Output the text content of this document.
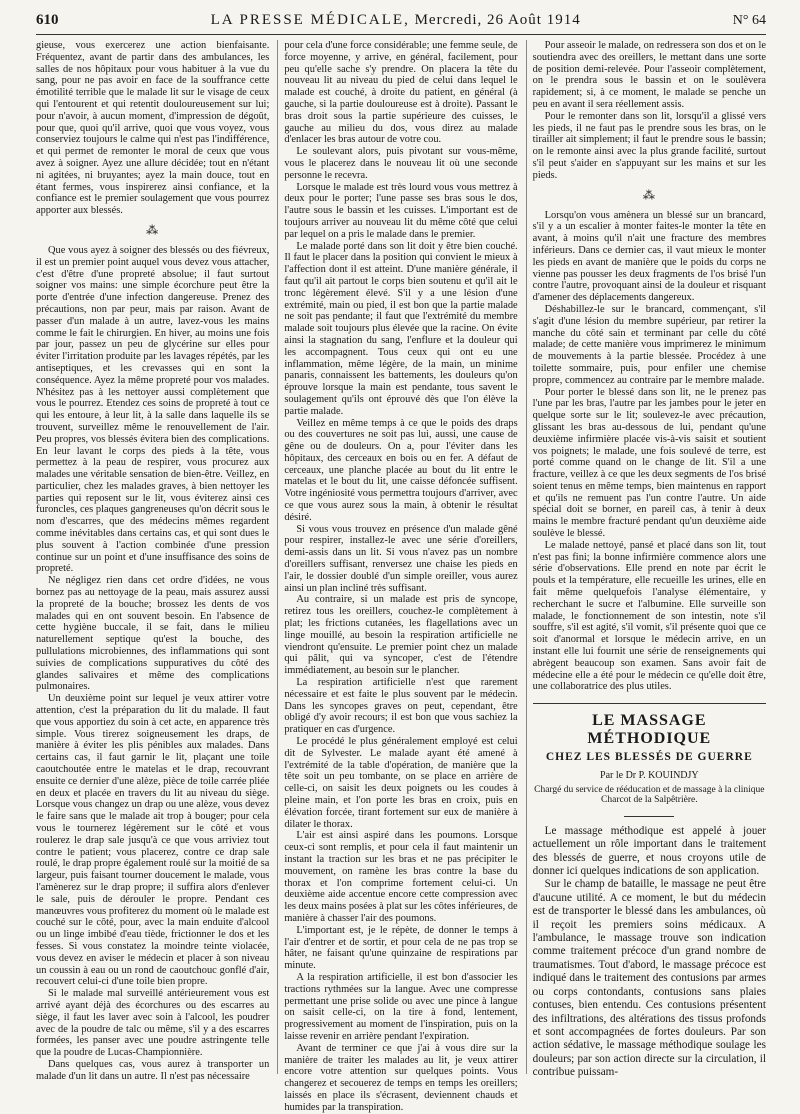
610	LA PRESSE MÉDICALE, Mercredi, 26 Août 1914	N° 64

gieuse, vous exercerez une action bienfaisante. Fréquentez, avant de partir dans des ambulances, les salles de nos hôpitaux pour vous habituer à la vue du sang, pour ne pas avoir en face de la souffrance cette émotilité terrible que le malade lit sur le visage de ceux qui l'entourent et qui retentit douloureusement sur lui; pour n'avoir, à aucun moment, d'impression de dégoût, pour que, quoi qu'il arrive, quoi que vous voyez, vous conserviez toujours le calme qui n'est pas l'indifférence, et qui permet de remonter le moral de ceux que vous avez à soigner. Ayez une allure décidée; tout en n'étant ni agitées, ni bruyantes; ayez la main douce, tout en étant fermes, vous inspirerez ainsi confiance, et la confiance est le premier soulagement que vous pourrez apporter aux blessés.

⁂

Que vous ayez à soigner des blessés ou des fiévreux, il est un premier point auquel vous devez vous attacher, c'est d'être d'une propreté absolue; il faut surtout soigner vos mains: une simple écorchure peut être la porte d'entrée d'une infection dangereuse. Prenez des précautions, non par peur, mais par raison. Avant de passer d'un malade à un autre, lavez-vous les mains comme le fait le chirurgien. En hiver, au moins une fois par jour, passez un peu de glycérine sur elles pour éviter l'irritation produite par les lavages répétés, par les antiseptiques, et les crevasses qui en sont la conséquence. Ayez la même propreté pour vos malades. N'hésitez pas à les nettoyer aussi complètement que vous le pourrez. Etendez ces soins de propreté à tout ce qui les entoure, à leur lit, à la salle dans laquelle ils se trouvent, surveillez même le renouvellement de l'air. Peu propres, vos blessés évitera bien des complications. En leur lavant le corps des pieds à la tête, vous permettez à la peau de respirer, vous procurez aux malades une véritable sensation de bien-être. Veillez, en particulier, chez les malades graves, à bien nettoyer les parties qui reposent sur le lit, vous éviterez ainsi ces furoncles, ces plaques gangreneuses qu'on décrit sous le nom d'escarres, que des médecins mêmes regardent comme inévitables dans certains cas, et qui sont dues le plus souvent à l'action combinée d'une pression continue sur un point et d'une insuffisance des soins de propreté.

Ne négligez rien dans cet ordre d'idées, ne vous bornez pas au nettoyage de la peau, mais assurez aussi la propreté de la bouche; brossez les dents de vos malades qui en ont souvent besoin. En l'absence de cette hygiène buccale, il se fait, dans le milieu naturellement septique qu'est la bouche, des pullulations microbiennes, des inflammations qui sont suivies de complications suppuratives du côté des glandes salivaires et même des complications pulmonaires.

Un deuxième point sur lequel je veux attirer votre attention, c'est la préparation du lit du malade. Il faut que vous apportiez du soin à cet acte, en apparence très simple. Vous tirerez soigneusement les draps, de manière à éviter les plis pénibles aux malades. Dans certains cas, il faut garnir le lit, plaçant une toile caoutchoutée entre le matelas et le drap, recouvrant ensuite ce dernier d'une alèze, pièce de toile carrée pliée en deux et placée en travers du lit au niveau du siège. Lorsque vous changez un drap ou une alèze, vous devez le faire sans que le malade ait trop à bouger; pour cela vous le tournerez légèrement sur le côté et vous roulerez le drap sale jusqu'à ce que vous arriviez tout contre le patient; vous placerez, contre ce drap sale roulé, le drap propre également roulé sur la moitié de sa largeur, puis faisant tourner doucement le malade, vous l'amènerez sur le drap propre; il suffira alors d'enlever le sale, puis de dérouler le propre. Pendant ces manœuvres vous profiterez du moment où le malade est couché sur le côté, pour, avec la main enduite d'alcool ou un linge imbibé d'eau tiède, frictionner le dos et les fesses. Si vous constatez la moindre teinte violacée, vous devez en aviser le médecin et placer à son niveau un coussin à eau ou un rond de caoutchouc gonflé d'air, recouvert celui-ci d'une toile bien propre.

Si le malade mal surveillé antérieurement vous est arrivé ayant déjà des écorchures ou des escarres au siège, il faut les laver avec soin à l'alcool, les poudrer avec de la poudre de talc ou même, s'il y a des escarres formées, les panser avec une poudre astringente telle que la poudre de Lucas-Championnière.

Dans quelques cas, vous aurez à transporter un malade d'un lit dans un autre. Il n'est pas nécessaire

pour cela d'une force considérable; une femme seule, de force moyenne, y arrive, en général, facilement, pour peu qu'elle sache s'y prendre. On placera la tête du nouveau lit au niveau du pied de celui dans lequel le malade est couché, à droite du patient, en général (à gauche, si la partie douloureuse est à droite). Passant le bras droit sous la partie supérieure des cuisses, le gauche au milieu du dos, vous direz au malade d'enlacer les bras autour de votre cou.

Le soulevant alors, puis pivotant sur vous-même, vous le placerez dans le nouveau lit où une seconde personne le recevra.

Lorsque le malade est très lourd vous vous mettrez à deux pour le porter; l'une passe ses bras sous le dos, l'autre sous le bassin et les cuisses. L'important est de toujours arriver au nouveau lit du même côté que celui par lequel on a pris le malade dans le premier.

Le malade porté dans son lit doit y être bien couché. Il faut le placer dans la position qui convient le mieux à l'affection dont il est atteint. D'une manière générale, il faut qu'il ait partout le corps bien soutenu et qu'il ait le tronc légèrement élevé. S'il y a une lésion d'une extrémité, main ou pied, il est bon que la partie malade ne soit pas pendante; il faut que l'extrémité du membre malade soit toujours plus élevée que la racine. On évite ainsi la stagnation du sang, l'enflure et la douleur qui les accompagnent. Tous ceux qui ont eu une inflammation, même légère, de la main, un minime panaris, connaissent les battements, les douleurs qu'on éprouve lorsque la main est pendante, tous savent le soulagement qu'ils ont éprouvé dès que l'on élève la partie malade.

Veillez en même temps à ce que le poids des draps ou des couvertures ne soit pas lui, aussi, une cause de gêne ou de douleurs. On a, pour l'éviter dans les hôpitaux, des cerceaux en bois ou en fer. A défaut de cerceaux, une planche placée au bout du lit entre le matelas et le bout du lit, une caisse défoncée suffisent. Votre ingéniosité vous permettra toujours d'arriver, avec ce que vous aurez sous la main, à obtenir le résultat désiré.

Si vous vous trouvez en présence d'un malade gêné pour respirer, installez-le avec une série d'oreillers, demi-assis dans un lit. Si vous n'avez pas un nombre d'oreillers suffisant, renversez une chaise les pieds en l'air, le dossier doublé d'un simple oreiller, vous aurez ainsi un plan incliné très suffisant.

Au contraire, si un malade est pris de syncope, retirez tous les oreillers, couchez-le complètement à plat; les frictions cutanées, les flagellations avec un linge mouillé, au besoin la respiration artificielle ne viendront qu'ensuite. Le premier point chez un malade qui pâlit, qui va syncoper, c'est de l'étendre immédiatement, au besoin sur le plancher.

La respiration artificielle n'est que rarement nécessaire et est faite le plus souvent par le médecin. Dans les syncopes graves on peut, cependant, être obligé d'y avoir recours; il est bon que vous sachiez la pratiquer en cas d'urgence.

Le procédé le plus généralement employé est celui dit de Sylvester. Le malade ayant été amené à l'extrémité de la table d'opération, de manière que la tête soit un peu tombante, on se place en arrière de celle-ci, on saisit les deux poignets ou les coudes à pleine main, et l'on porte les bras en croix, puis en élévation forcée, tirant fortement sur eux de manière à dilater le thorax.

L'air est ainsi aspiré dans les poumons. Lorsque ceux-ci sont remplis, et pour cela il faut maintenir un instant la traction sur les bras et ne pas précipiter le mouvement, on ramène les bras contre la base du thorax et l'on comprime fortement celui-ci. Un deuxième aide accentue encore cette compression avec les deux mains posées à plat sur les côtes inférieures, de manière à chasser l'air des poumons.

L'important est, je le répète, de donner le temps à l'air d'entrer et de sortir, et pour cela de ne pas trop se hâter, ne faisant qu'une quinzaine de respirations par minute.

A la respiration artificielle, il est bon d'associer les tractions rythmées sur la langue. Avec une compresse permettant une prise solide ou avec une pince à langue on saisit celle-ci, on la tire à fond, lentement, progressivement au moment de l'inspiration, puis on la laisse revenir en arrière pendant l'expiration.

Avant de terminer ce que j'ai à vous dire sur la manière de traiter les malades au lit, je veux attirer encore votre attention sur quelques points. Vous changerez et secouerez de temps en temps les oreillers; laissés en place ils s'écrasent, deviennent chauds et humides par la transpiration.

Pour asseoir le malade, on redressera son dos et on le soutiendra avec des oreillers, le mettant dans une sorte de position demi-relevée. Pour l'asseoir complètement, on le prendra sous le bassin et on le soulèvera rapidement; si, à ce moment, le malade se penche un peu en avant il sera réellement assis.

Pour le remonter dans son lit, lorsqu'il a glissé vers les pieds, il ne faut pas le prendre sous les bras, on le tirailler ait simplement; il faut le prendre sous le bassin; on le remonte ainsi avec la plus grande facilité, surtout s'il peut s'aider en s'appuyant sur les mains et sur les pieds.

⁂

Lorsqu'on vous amènera un blessé sur un brancard, s'il y a un escalier à monter faites-le monter la tête en avant, à moins qu'il n'ait une fracture des membres inférieurs. Dans ce dernier cas, il vaut mieux le monter les pieds en avant de manière que le poids du corps ne vienne pas pousser les deux fragments de l'os brisé l'un contre l'autre, provoquant ainsi de la douleur et risquant d'amener des déplacements dangereux.

Déshabillez-le sur le brancard, commençant, s'il s'agit d'une lésion du membre supérieur, par retirer la manche du côté sain et terminant par celle du côté malade; de cette manière vous imprimerez le minimum de mouvements à la partie blessée. Procédez à une toilette sommaire, puis, pour enfiler une chemise propre, commencez au contraire par le membre malade.

Pour porter le blessé dans son lit, ne le prenez pas l'une par les bras, l'autre par les jambes pour le jeter en quelque sorte sur le lit; soulevez-le avec précaution, glissant les bras au-dessous de lui, pendant qu'une deuxième infirmière placée vis-à-vis saisit et soutient vos poignets; le malade, une fois soulevé de terre, est porté comme quand on le change de lit. S'il a une fracture, veillez à ce que les deux segments de l'os brisé soient tenus en même temps, bien maintenus en rapport et qu'ils ne remuent pas l'un contre l'autre. Un aide spécial doit se borner, en pareil cas, à tenir à deux mains le membre fracturé pendant qu'un deuxième aide soulève le blessé.

Le malade nettoyé, pansé et placé dans son lit, tout n'est pas fini; la bonne infirmière commence alors une série d'observations. Elle prend en note par écrit le pouls et la température, elle recueille les urines, elle en fait même quelquefois l'analyse élémentaire, y recherchant le sucre et l'albumine. Elle surveille son malade, le fonctionnement de son intestin, note s'il souffre, s'il est agité, s'il vomit, s'il présente quoi que ce soit d'anormal et lorsque le médecin arrive, en un instant elle lui fournit une série de renseignements qui abrègent beaucoup son examen. Sans avoir fait de médecine elle a été pour le médecin ce qu'elle doit être, une collaboratrice des plus utiles.

LE MASSAGE MÉTHODIQUE
CHEZ LES BLESSÉS DE GUERRE
Par le Dr P. KOUINDJY
Chargé du service de rééducation et de massage à la clinique Charcot de la Salpêtrière.

Le massage méthodique est appelé à jouer actuellement un rôle important dans le traitement des blessés de guerre, et nous croyons utile de donner ici quelques indications de son application.

Sur le champ de bataille, le massage ne peut être d'aucune utilité. A ce moment, le but du médecin est de transporter le blessé dans les ambulances, où il reçoit les premiers soins médicaux. A l'ambulance, le massage trouve son indication comme traitement précoce d'un grand nombre de traumatismes. Tout d'abord, le massage précoce est indiqué dans le traitement des contusions par armes ou corps contondants, contusions sans plaies contuses, bien entendu. Ces contusions présentent des infiltrations, des altérations des tissus profonds et sont accompagnées de fortes douleurs. Par son action sédative, le massage méthodique soulage les douleurs; par son action directe sur la circulation, il contribue puissam-
